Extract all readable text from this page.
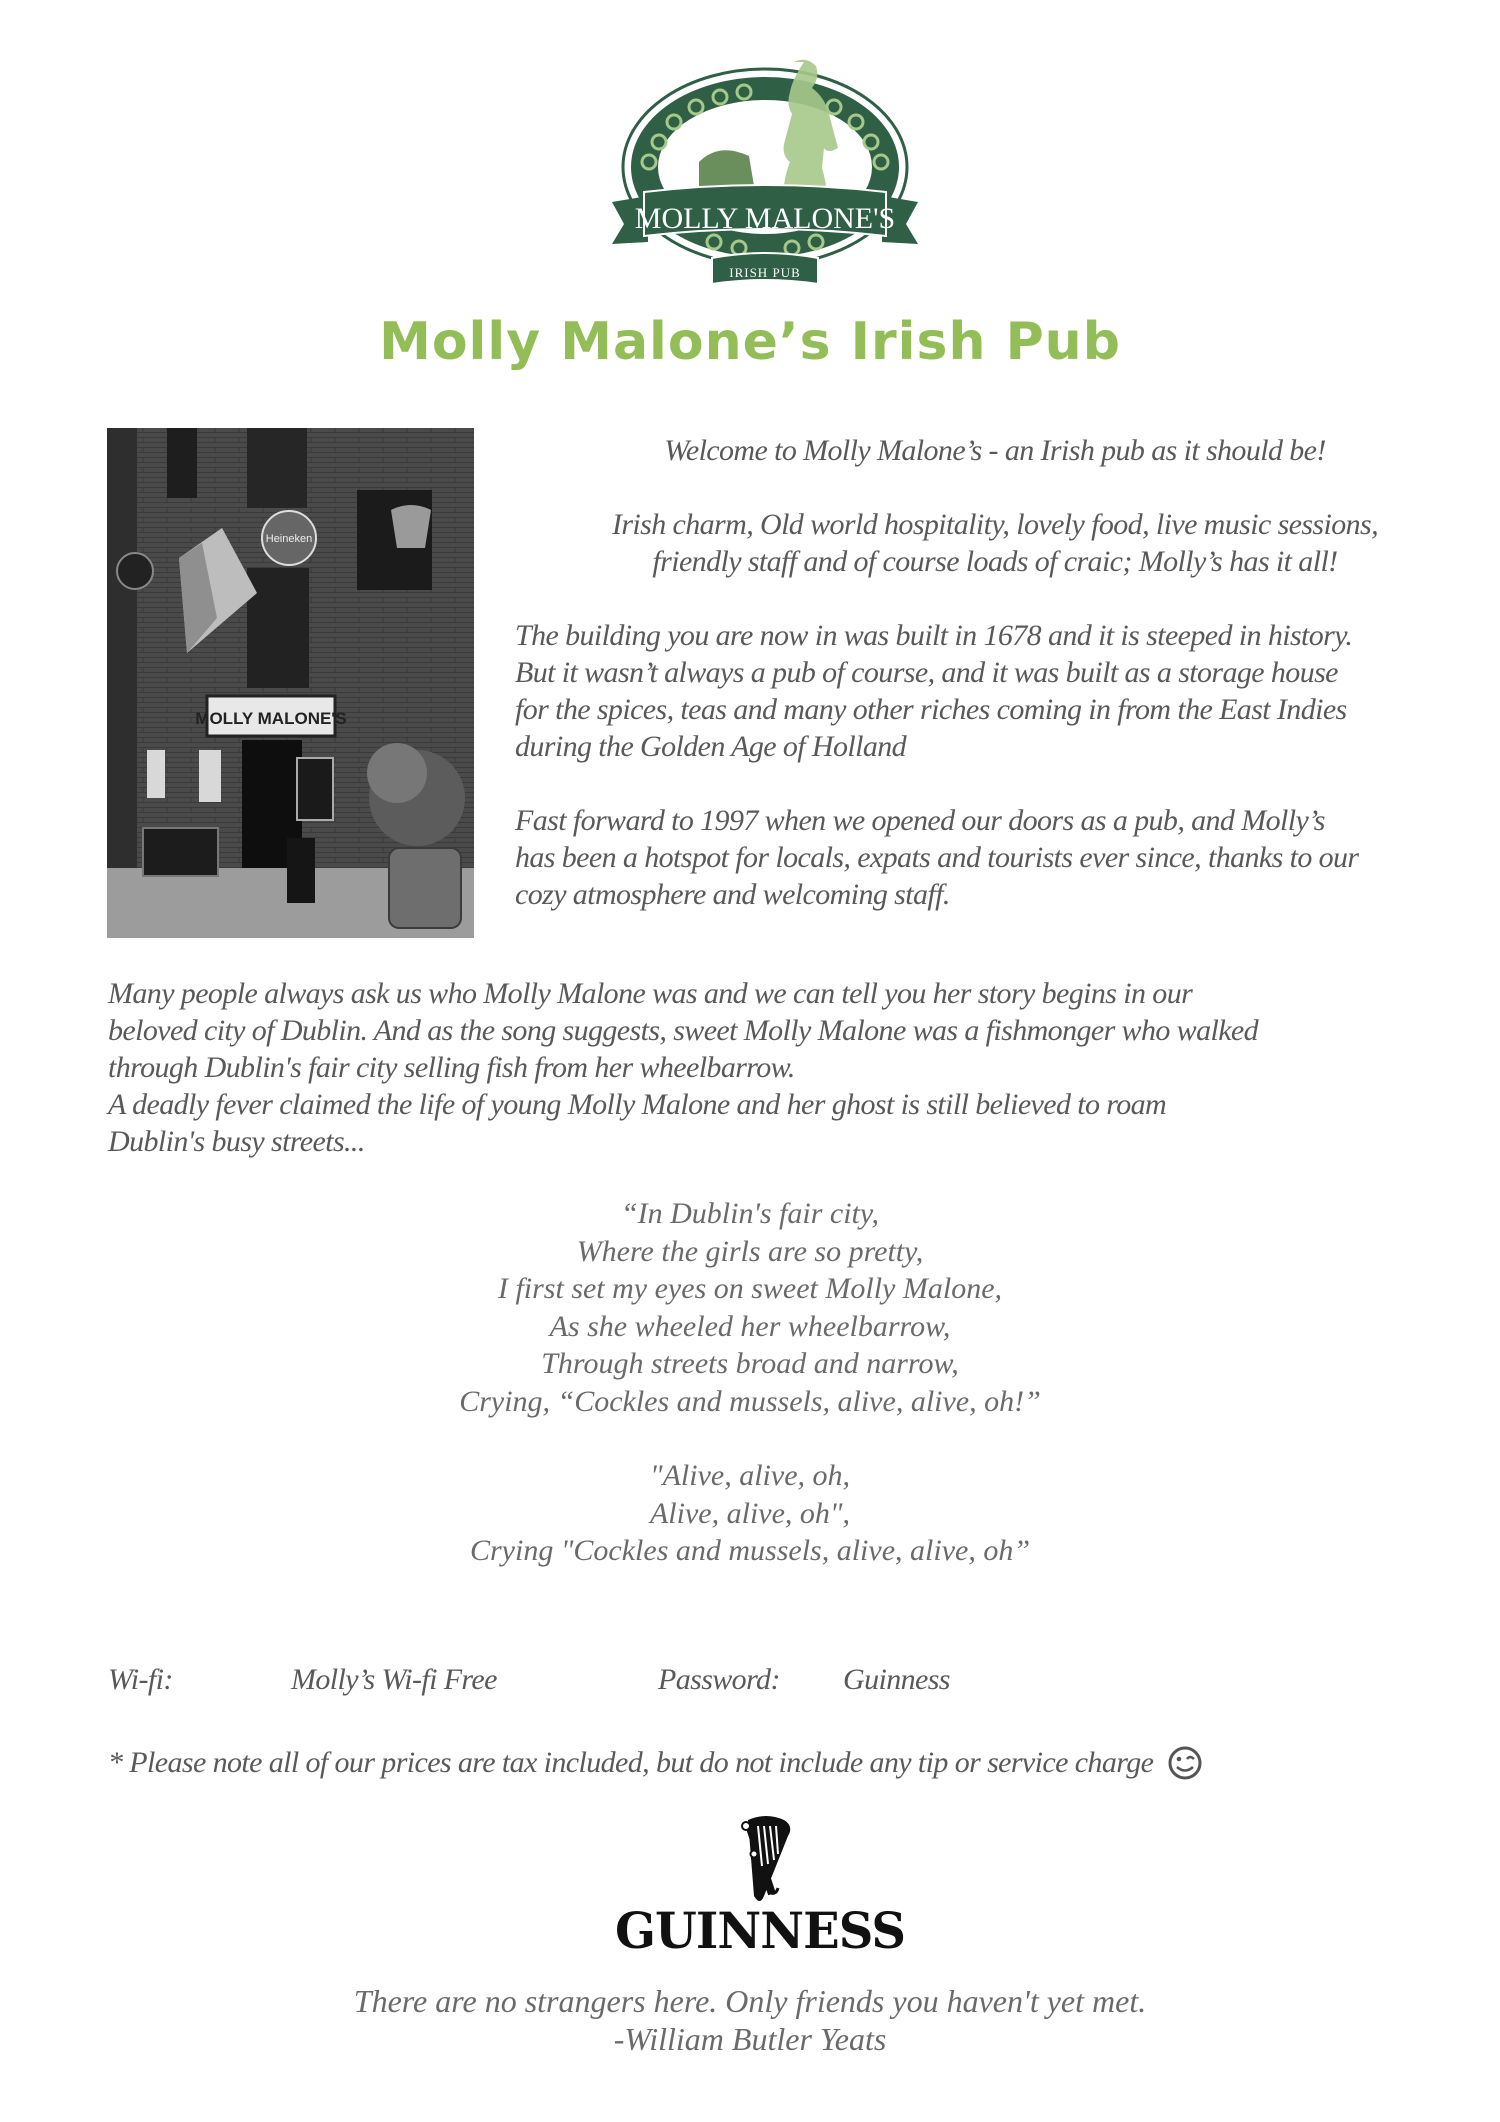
MOLLY MALONE'S
IRISH PUB
Molly Malone’s Irish Pub
Heineken
MOLLY MALONE'S

Welcome to Molly Malone’s - an Irish pub as it should be!

Irish charm, Old world hospitality, lovely food, live music sessions,
friendly staff and of course loads of craic; Molly’s has it all!

The building you are now in was built in 1678 and it is steeped in history.
But it wasn’t always a pub of course, and it was built as a storage house
for the spices, teas and many other riches coming in from the East Indies
during the Golden Age of Holland

Fast forward to 1997 when we opened our doors as a pub, and Molly’s
has been a hotspot for locals, expats and tourists ever since, thanks to our
cozy atmosphere and welcoming staff.

Many people always ask us who Molly Malone was and we can tell you her story begins in our

beloved city of Dublin. And as the song suggests, sweet Molly Malone was a fishmonger who walked

through Dublin's fair city selling fish from her wheelbarrow.

A deadly fever claimed the life of young Molly Malone and her ghost is still believed to roam

Dublin's busy streets...

“In Dublin's fair city,
Where the girls are so pretty,
I first set my eyes on sweet Molly Malone,
As she wheeled her wheelbarrow,
Through streets broad and narrow,
Crying, “Cockles and mussels, alive, alive, oh!”
"Alive, alive, oh,
Alive, alive, oh",
Crying "Cockles and mussels, alive, alive, oh”
Wi-fi:	Molly’s Wi-fi Free	Password: Guinness
* Please note all of our prices are tax included, but do not include any tip or service charge
GUINNESS
There are no strangers here. Only friends you haven't yet met.
-William Butler Yeats
